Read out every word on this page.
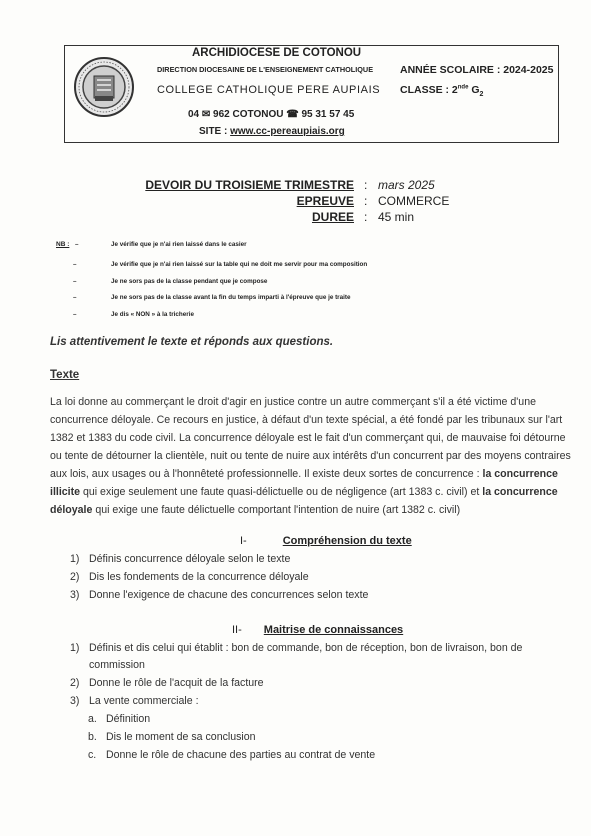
ARCHIDIOCESE DE COTONOU
DIRECTION DIOCESAINE DE L'ENSEIGNEMENT CATHOLIQUE	ANNÉE SCOLAIRE : 2024-2025
COLLEGE CATHOLIQUE PERE AUPIAIS CLASSE : 2nde $G_2$
04 ✉ 962 COTONOU ☎ 95 31 57 45
SITE : www.cc-pereaupiais.org
DEVOIR DU TROISIEME TRIMESTRE : mars 2025
EPREUVE : COMMERCE
DUREE : 45 min
NB : –	Je vérifie que je n'ai rien laissé dans le casier
–	Je vérifie que je n'ai rien laissé sur la table qui ne doit me servir pour ma composition
–	Je ne sors pas de la classe pendant que je compose
–	Je ne sors pas de la classe avant la fin du temps imparti à l'épreuve que je traite
–	Je dis « NON » à la tricherie
Lis attentivement le texte et réponds aux questions.
Texte
La loi donne au commerçant le droit d'agir en justice contre un autre commerçant s'il a été victime d'une
concurrence déloyale. Ce recours en justice, à défaut d'un texte spécial, a été fondé par les tribunaux sur l'art
1382 et 1383 du code civil. La concurrence déloyale est le fait d'un commerçant qui, de mauvaise foi détourne
ou tente de détourner la clientèle, nuit ou tente de nuire aux intérêts d'un concurrent par des moyens contraires
aux lois, aux usages ou à l'honnêteté professionnelle. Il existe deux sortes de concurrence : la concurrence
illicite qui exige seulement une faute quasi-délictuelle ou de négligence (art 1383 c. civil) et la concurrence
déloyale qui exige une faute délictuelle comportant l'intention de nuire (art 1382 c. civil)
I-	Compréhension du texte
1) Définis concurrence déloyale selon le texte
2) Dis les fondements de la concurrence déloyale
3) Donne l'exigence de chacune des concurrences selon texte
II- Maitrise de connaissances
1) Définis et dis celui qui établit : bon de commande, bon de réception, bon de livraison, bon de
commission
2) Donne le rôle de l'acquit de la facture
3) La vente commerciale :
a. Définition
b. Dis le moment de sa conclusion
c. Donne le rôle de chacune des parties au contrat de vente
